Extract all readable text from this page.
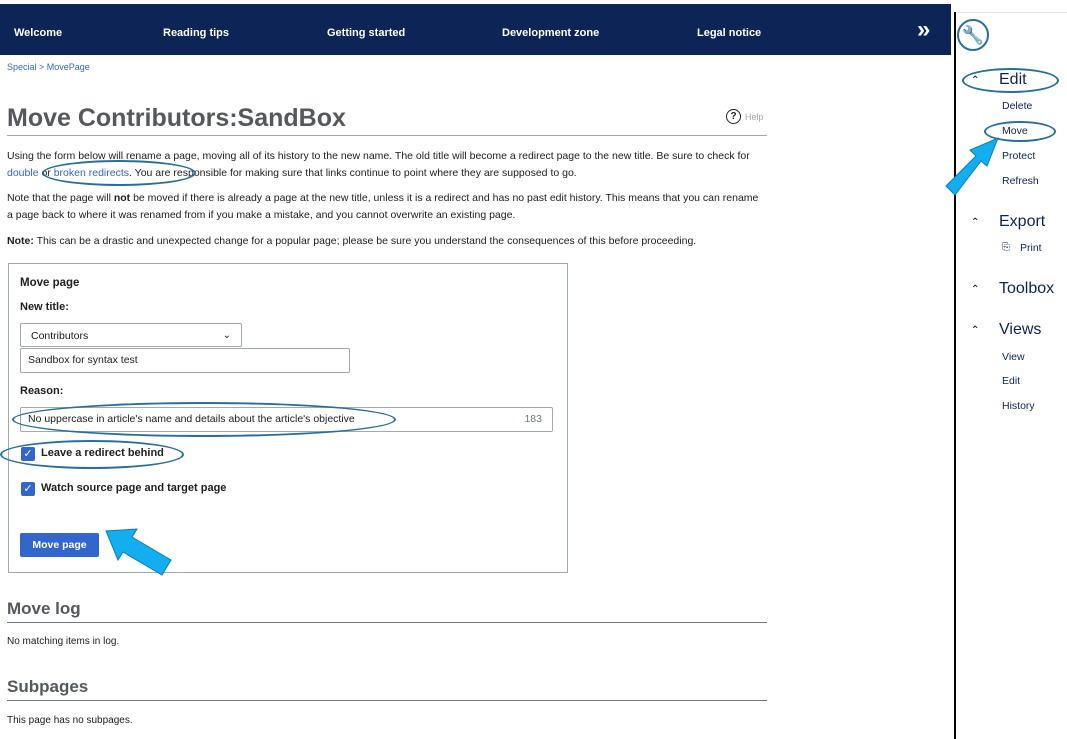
Welcome	Reading tips	Getting started	Development zone	Legal notice	»
Special > MovePage
Move Contributors:SandBox	? Help
Using the form below will rename a page, moving all of its history to the new name. The old title will become a redirect page to the new title. Be sure to check for double or broken redirects. You are responsible for making sure that links continue to point where they are supposed to go.
Note that the page will not be moved if there is already a page at the new title, unless it is a redirect and has no past edit history. This means that you can rename a page back to where it was renamed from if you make a mistake, and you cannot overwrite an existing page.
Note: This can be a drastic and unexpected change for a popular page; please be sure you understand the consequences of this before proceeding.
Move page
New title:
Contributors	⌄
Sandbox for syntax test
Reason:
No uppercase in article's name and details about the article's objective	183
✓ Leave a redirect behind
✓ Watch source page and target page
Move page
Move log
No matching items in log.
Subpages
This page has no subpages.
🔧
⌃ Edit
Delete
Move
Protect
Refresh
⌃ Export
⎘ Print
⌃ Toolbox
⌃ Views
View
Edit
History
